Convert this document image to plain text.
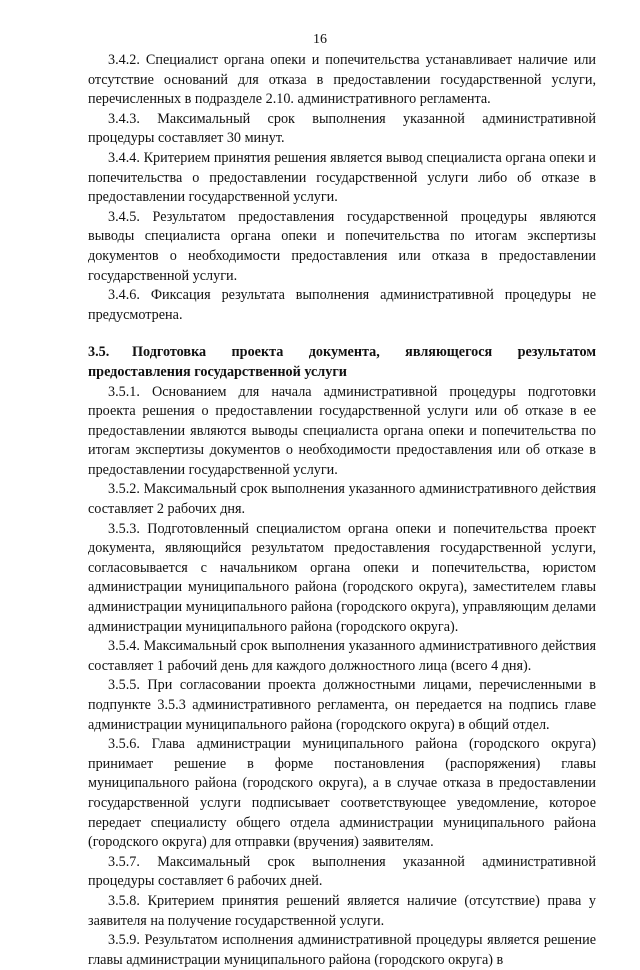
16

3.4.2. Специалист органа опеки и попечительства устанавливает наличие или отсутствие оснований для отказа в предоставлении государственной услуги, перечисленных в подразделе 2.10. административного регламента.

3.4.3. Максимальный срок выполнения указанной административной процедуры составляет 30 минут.

3.4.4. Критерием принятия решения является вывод специалиста органа опеки и попечительства о предоставлении государственной услуги либо об отказе в предоставлении государственной услуги.

3.4.5. Результатом предоставления государственной процедуры являются выводы специалиста органа опеки и попечительства по итогам экспертизы документов о необходимости предоставления или отказа в предоставлении государственной услуги.

3.4.6. Фиксация результата выполнения административной процедуры не предусмотрена.

3.5. Подготовка проекта документа, являющегося результатом предоставления государственной услуги

3.5.1. Основанием для начала административной процедуры подготовки проекта решения о предоставлении государственной услуги или об отказе в ее предоставлении являются выводы специалиста органа опеки и попечительства по итогам экспертизы документов о необходимости предоставления или об отказе в предоставлении государственной услуги.

3.5.2. Максимальный срок выполнения указанного административного действия составляет 2 рабочих дня.

3.5.3. Подготовленный специалистом органа опеки и попечительства проект документа, являющийся результатом предоставления государственной услуги, согласовывается с начальником органа опеки и попечительства, юристом администрации муниципального района (городского округа), заместителем главы администрации муниципального района (городского округа), управляющим делами администрации муниципального района (городского округа).

3.5.4. Максимальный срок выполнения указанного административного действия составляет 1 рабочий день для каждого должностного лица (всего 4 дня).

3.5.5. При согласовании проекта должностными лицами, перечисленными в подпункте 3.5.3 административного регламента, он передается на подпись главе администрации муниципального района (городского округа) в общий отдел.

3.5.6. Глава администрации муниципального района (городского округа) принимает решение в форме постановления (распоряжения) главы муниципального района (городского округа), а в случае отказа в предоставлении государственной услуги подписывает соответствующее уведомление, которое передает специалисту общего отдела администрации муниципального района (городского округа) для отправки (вручения) заявителям.

3.5.7. Максимальный срок выполнения указанной административной процедуры составляет 6 рабочих дней.

3.5.8. Критерием принятия решений является наличие (отсутствие) права у заявителя на получение государственной услуги.

3.5.9. Результатом исполнения административной процедуры является решение главы администрации муниципального района (городского округа) в
